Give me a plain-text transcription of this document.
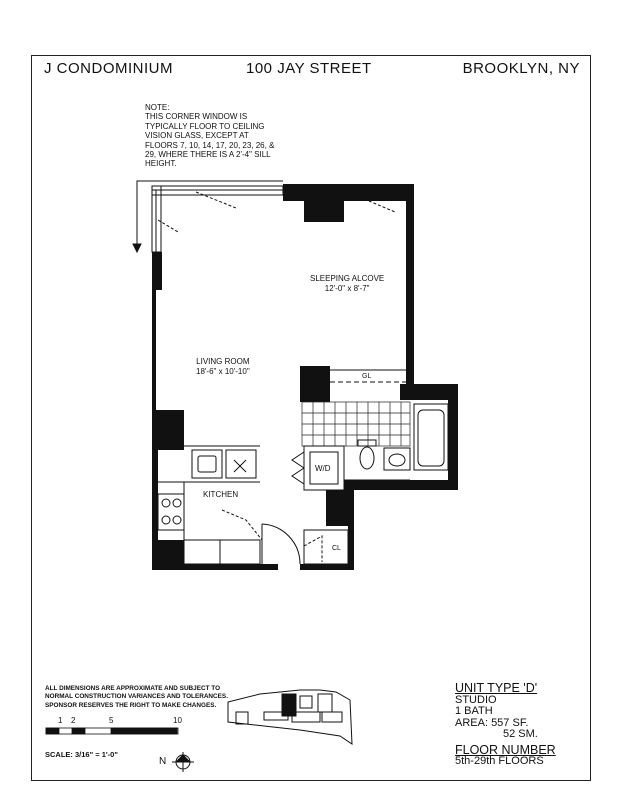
J CONDOMINIUM	100 JAY STREET	BROOKLYN, NY
NOTE:
THIS CORNER WINDOW IS
TYPICALLY FLOOR TO CEILING
VISION GLASS, EXCEPT AT
FLOORS 7, 10, 14, 17, 20, 23, 26, &
29, WHERE THERE IS A 2'-4" SILL
HEIGHT.
SLEEPING ALCOVE
12'-0" x 8'-7"
LIVING ROOM
18'-6" x 10'-10"
KITCHEN
W/D
CL
GL
ALL DIMENSIONS ARE APPROXIMATE AND SUBJECT TO NORMAL CONSTRUCTION VARIANCES AND TOLERANCES. SPONSOR RESERVES THE RIGHT TO MAKE CHANGES.
1 2	5	10
SCALE: 3/16" = 1'-0"
N
UNIT TYPE 'D'
STUDIO
1 BATH
AREA: 557 SF.
52 SM.
FLOOR NUMBER
5th-29th FLOORS
